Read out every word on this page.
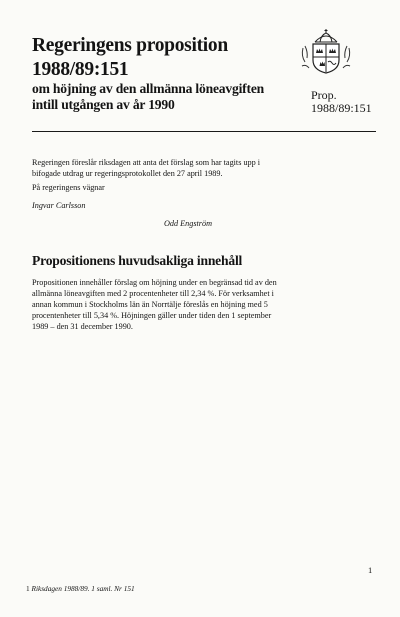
Regeringens proposition
1988/89:151
om höjning av den allmänna löneavgiften
intill utgången av år 1990
Prop.
1988/89:151
Regeringen föreslår riksdagen att anta det förslag som har tagits upp i
bifogade utdrag ur regeringsprotokollet den 27 april 1989.
På regeringens vägnar
Ingvar Carlsson
Odd Engström
Propositionens huvudsakliga innehåll
Propositionen innehåller förslag om höjning under en begränsad tid av den
allmänna löneavgiften med 2 procentenheter till 2,34 %. För verksamhet i
annan kommun i Stockholms län än Norrtälje föreslås en höjning med 5
procentenheter till 5,34 %. Höjningen gäller under tiden den 1 september
1989 – den 31 december 1990.
1
1 Riksdagen 1988/89. 1 saml. Nr 151
